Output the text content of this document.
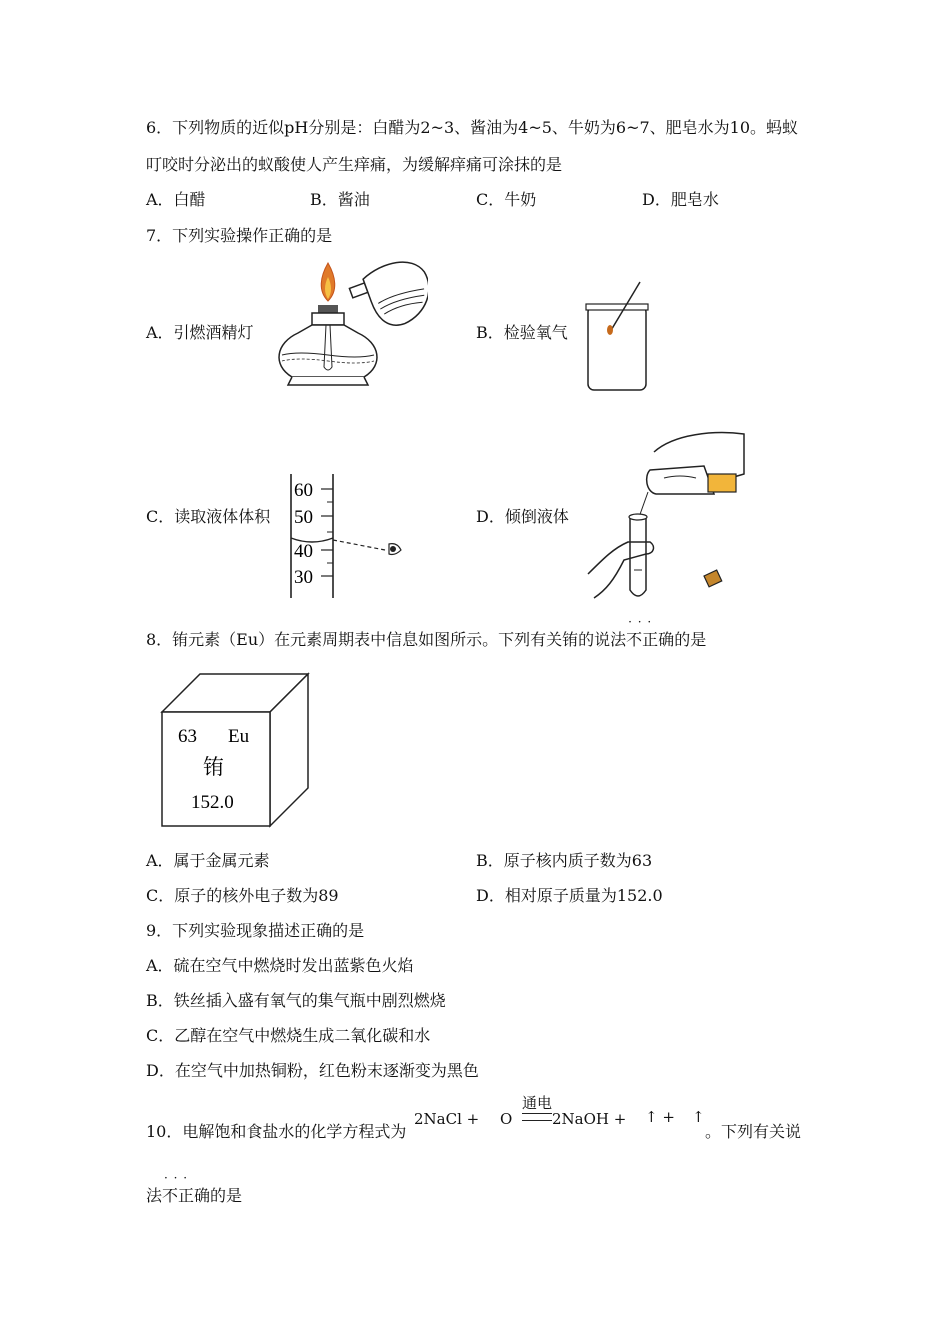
6．下列物质的近似pH分别是：白醋为2~3、酱油为4~5、牛奶为6~7、肥皂水为10。蚂蚁
叮咬时分泌出的蚁酸使人产生痒痛，为缓解痒痛可涂抹的是
A．白醋	B．酱油	C．牛奶	D．肥皂水
7．下列实验操作正确的是
A．引燃酒精灯	B．检验氧气
C．读取液体体积	D．倾倒液体
60
50
40
30
8．铕元素（Eu）在元素周期表中信息如图所示。下列有关铕的说法不正确 · · ·的是
63 Eu
铕
152.0
A．属于金属元素	B．原子核内质子数为63
C．原子的核外电子数为89	D．相对原子质量为152.0
9．下列实验现象描述正确的是
A．硫在空气中燃烧时发出蓝紫色火焰
B．铁丝插入盛有氧气的集气瓶中剧烈燃烧
C．乙醇在空气中燃烧生成二氧化碳和水
D．在空气中加热铜粉，红色粉末逐渐变为黑色
10．电解饱和食盐水的化学方程式为
2NaCl + O
通电
2NaOH + ↑ + ↑
。下列有关说
法不正确 · · ·的是
